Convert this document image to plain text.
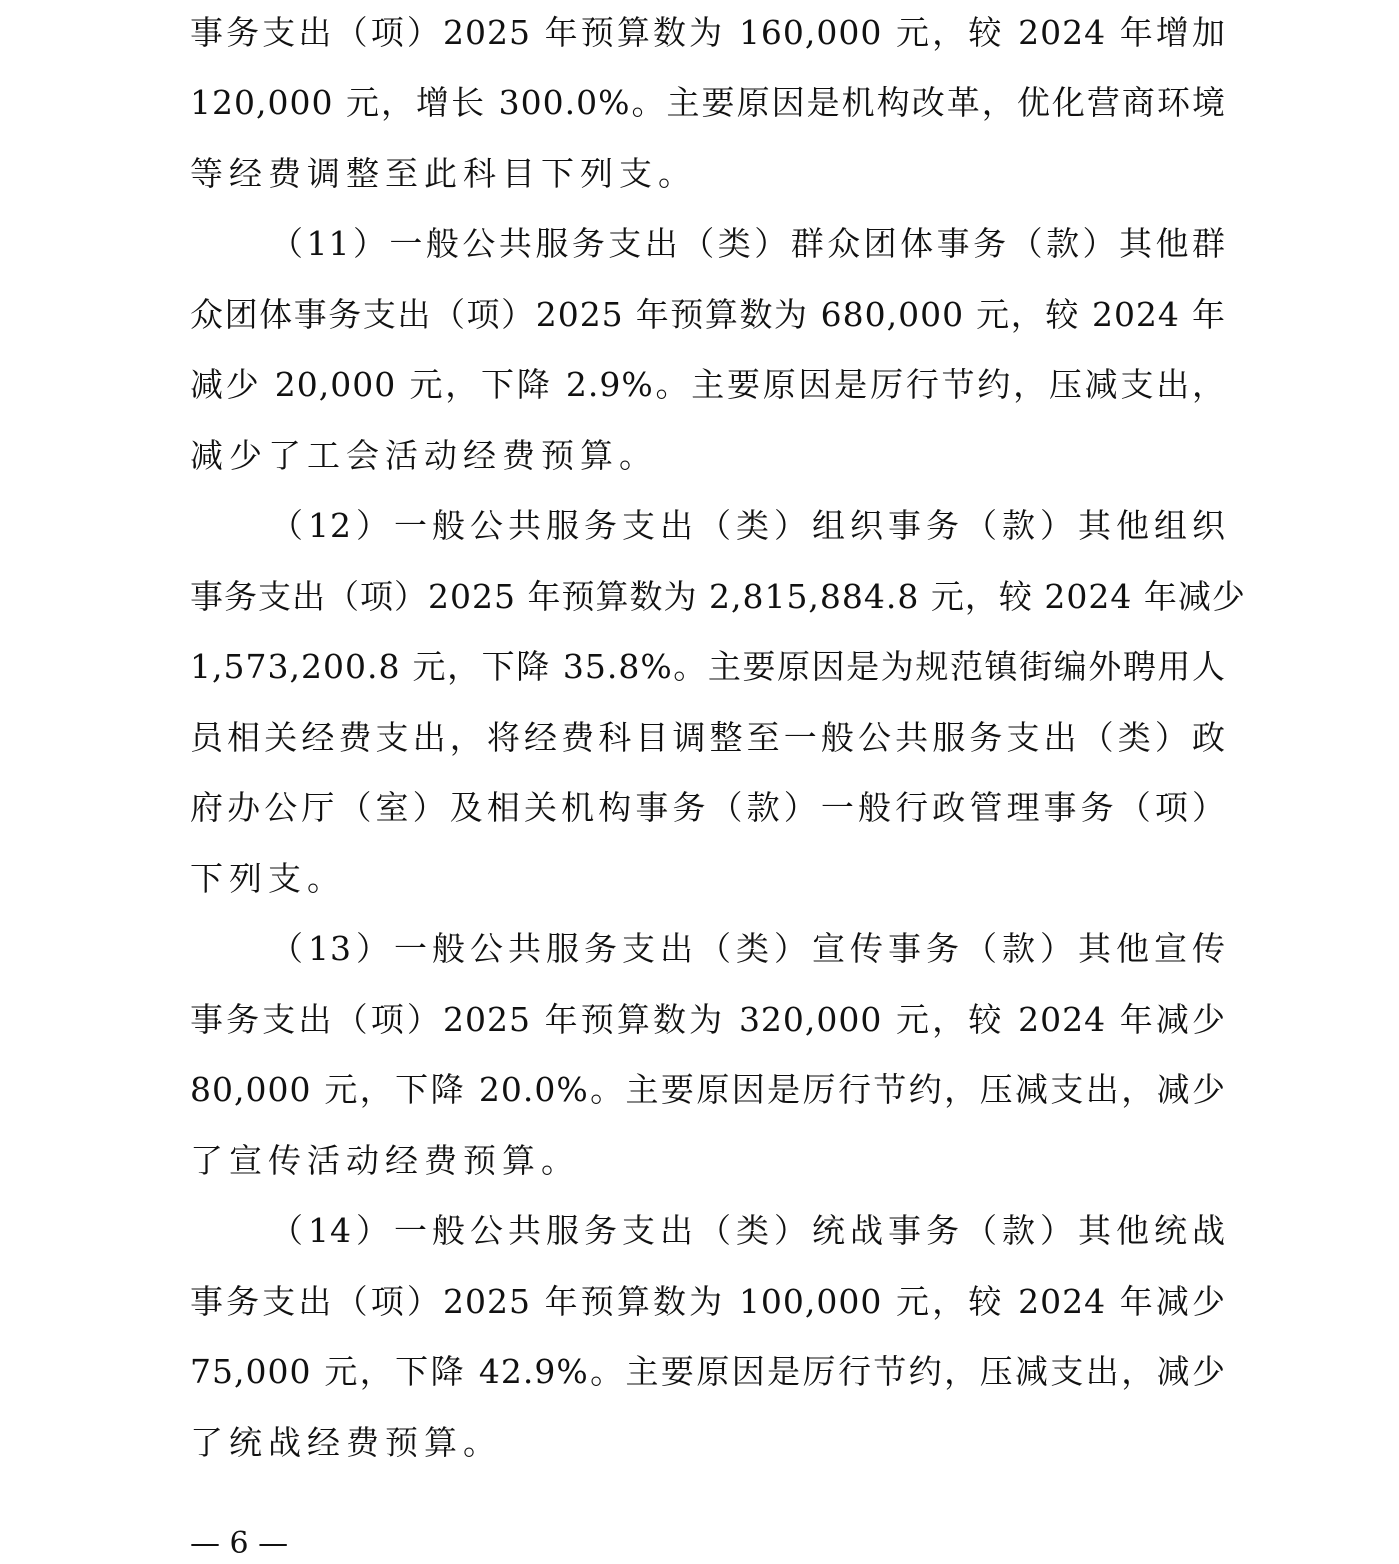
事务支出（项）2025 年预算数为 160,000 元，较 2024 年增加
120,000 元，增长 300.0%。主要原因是机构改革，优化营商环境
等经费调整至此科目下列支。
（11）一般公共服务支出（类）群众团体事务（款）其他群
众团体事务支出（项）2025 年预算数为 680,000 元，较 2024 年
减少 20,000 元，下降 2.9%。主要原因是厉行节约，压减支出，
减少了工会活动经费预算。
（12）一般公共服务支出（类）组织事务（款）其他组织
事务支出（项）2025 年预算数为 2,815,884.8 元，较 2024 年减少
1,573,200.8 元，下降 35.8%。主要原因是为规范镇街编外聘用人
员相关经费支出，将经费科目调整至一般公共服务支出（类）政
府办公厅（室）及相关机构事务（款）一般行政管理事务（项）
下列支。
（13）一般公共服务支出（类）宣传事务（款）其他宣传
事务支出（项）2025 年预算数为 320,000 元，较 2024 年减少
80,000 元，下降 20.0%。主要原因是厉行节约，压减支出，减少
了宣传活动经费预算。
（14）一般公共服务支出（类）统战事务（款）其他统战
事务支出（项）2025 年预算数为 100,000 元，较 2024 年减少
75,000 元，下降 42.9%。主要原因是厉行节约，压减支出，减少
了统战经费预算。
— 6 —
